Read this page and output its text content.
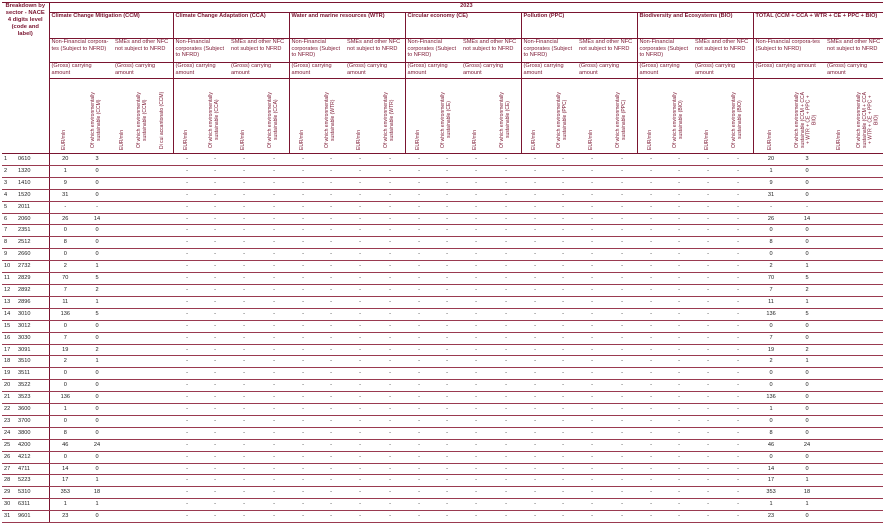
Breakdown by sector - NACE 4 digits level (code and label)		2023																												
		Climate Change Mitigation (CCM)					Climate Change Adaptation (CCA)				Water and marine resources (WTR)				Circular economy (CE)				Pollution (PPC)				Biodiversity and Ecosystems (BIO)				TOTAL (CCM + CCA + WTR + CE + PPC + BIO)			
		Non-Financial corpora-tes (Subject to NFRD)		SMEs and other NFC not subject to NFRD			Non-Financial corporates (Subject to NFRD)		SMEs and other NFC not subject to NFRD		Non-Financial corporates (Subject to NFRD)		SMEs and other NFC not subject to NFRD		Non-Financial corporates (Subject to NFRD)		SMEs and other NFC not subject to NFRD		Non-Financial corporates (Subject to NFRD)		SMEs and other NFC not subject to NFRD		Non-Financial corporates (Subject to NFRD)		SMEs and other NFC not subject to NFRD		Non-Financial corpora-tes (Subject to NFRD)		SMEs and other NFC not subject to NFRD	
		(Gross) carrying amount		(Gross) carrying amount			(Gross) carrying amount		(Gross) carrying amount		(Gross) carrying amount		(Gross) carrying amount		(Gross) carrying amount		(Gross) carrying amount		(Gross) carrying amount		(Gross) carrying amount		(Gross) carrying amount		(Gross) carrying amount		(Gross) carrying amount		(Gross) carrying amount	
		EUR/mln	Of which environmentally sustainable (CCM)	EUR/mln	Of which environmentally sustainable (CCM)	Di cui accantonato (CCM)	EUR/mln	Of which environmentally sustainable (CCA)	EUR/mln	Of which environmentally sustainable (CCA)	EUR/mln	Of which environmentally sustainable (WTR)	EUR/mln	Of which environmentally sustainable (WTR)	EUR/mln	Of which environmentally sustainable (CE)	EUR/mln	Of which environmentally sustainable (CE)	EUR/mln	Of which environmentally sustainable (PPC)	EUR/mln	Of which environmentally sustainable (PPC)	EUR/mln	Of which environmentally sustainable (BIO)	EUR/mln	Of which environmentally sustainable (BIO)	EUR/mln	Of which environmentally sustainable (CCM + CCA + WTR + CE + PPC + BIO)	EUR/mln	Of which environmentally sustainable (CCM + CCA + WTR + CE + PPC + BIO)
1	0610	20	3				-	-	-	-	-	-	-	-	-	-	-	-	-	-	-	-	-	-	-	-	20	3		
2	1320	1	0				-	-	-	-	-	-	-	-	-	-	-	-	-	-	-	-	-	-	-	-	1	0		
3	1410	9	0				-	-	-	-	-	-	-	-	-	-	-	-	-	-	-	-	-	-	-	-	9	0		
4	1520	31	0				-	-	-	-	-	-	-	-	-	-	-	-	-	-	-	-	-	-	-	-	31	0		
5	2011	-	-				-	-	-	-	-	-	-	-	-	-	-	-	-	-	-	-	-	-	-	-	-	-		
6	2060	26	14				-	-	-	-	-	-	-	-	-	-	-	-	-	-	-	-	-	-	-	-	26	14		
7	2351	0	0				-	-	-	-	-	-	-	-	-	-	-	-	-	-	-	-	-	-	-	-	0	0		
8	2512	8	0				-	-	-	-	-	-	-	-	-	-	-	-	-	-	-	-	-	-	-	-	8	0		
9	2660	0	0				-	-	-	-	-	-	-	-	-	-	-	-	-	-	-	-	-	-	-	-	0	0		
10	2732	2	1				-	-	-	-	-	-	-	-	-	-	-	-	-	-	-	-	-	-	-	-	2	1		
11	2829	70	5				-	-	-	-	-	-	-	-	-	-	-	-	-	-	-	-	-	-	-	-	70	5		
12	2892	7	2				-	-	-	-	-	-	-	-	-	-	-	-	-	-	-	-	-	-	-	-	7	2		
13	2896	11	1				-	-	-	-	-	-	-	-	-	-	-	-	-	-	-	-	-	-	-	-	11	1		
14	3010	136	5				-	-	-	-	-	-	-	-	-	-	-	-	-	-	-	-	-	-	-	-	136	5		
15	3012	0	0				-	-	-	-	-	-	-	-	-	-	-	-	-	-	-	-	-	-	-	-	0	0		
16	3030	7	0				-	-	-	-	-	-	-	-	-	-	-	-	-	-	-	-	-	-	-	-	7	0		
17	3091	19	2				-	-	-	-	-	-	-	-	-	-	-	-	-	-	-	-	-	-	-	-	19	2		
18	3510	2	1				-	-	-	-	-	-	-	-	-	-	-	-	-	-	-	-	-	-	-	-	2	1		
19	3511	0	0				-	-	-	-	-	-	-	-	-	-	-	-	-	-	-	-	-	-	-	-	0	0		
20	3522	0	0				-	-	-	-	-	-	-	-	-	-	-	-	-	-	-	-	-	-	-	-	0	0		
21	3523	136	0				-	-	-	-	-	-	-	-	-	-	-	-	-	-	-	-	-	-	-	-	136	0		
22	3600	1	0				-	-	-	-	-	-	-	-	-	-	-	-	-	-	-	-	-	-	-	-	1	0		
23	3700	0	0				-	-	-	-	-	-	-	-	-	-	-	-	-	-	-	-	-	-	-	-	0	0		
24	3800	8	0				-	-	-	-	-	-	-	-	-	-	-	-	-	-	-	-	-	-	-	-	8	0		
25	4200	46	24				-	-	-	-	-	-	-	-	-	-	-	-	-	-	-	-	-	-	-	-	46	24		
26	4212	0	0				-	-	-	-	-	-	-	-	-	-	-	-	-	-	-	-	-	-	-	-	0	0		
27	4711	14	0				-	-	-	-	-	-	-	-	-	-	-	-	-	-	-	-	-	-	-	-	14	0		
28	5223	17	1				-	-	-	-	-	-	-	-	-	-	-	-	-	-	-	-	-	-	-	-	17	1		
29	5310	353	18				-	-	-	-	-	-	-	-	-	-	-	-	-	-	-	-	-	-	-	-	353	18		
30	6311	1	1				-	-	-	-	-	-	-	-	-	-	-	-	-	-	-	-	-	-	-	-	1	1		
31	9601	23	0				-	-	-	-	-	-	-	-	-	-	-	-	-	-	-	-	-	-	-	-	23	0		
